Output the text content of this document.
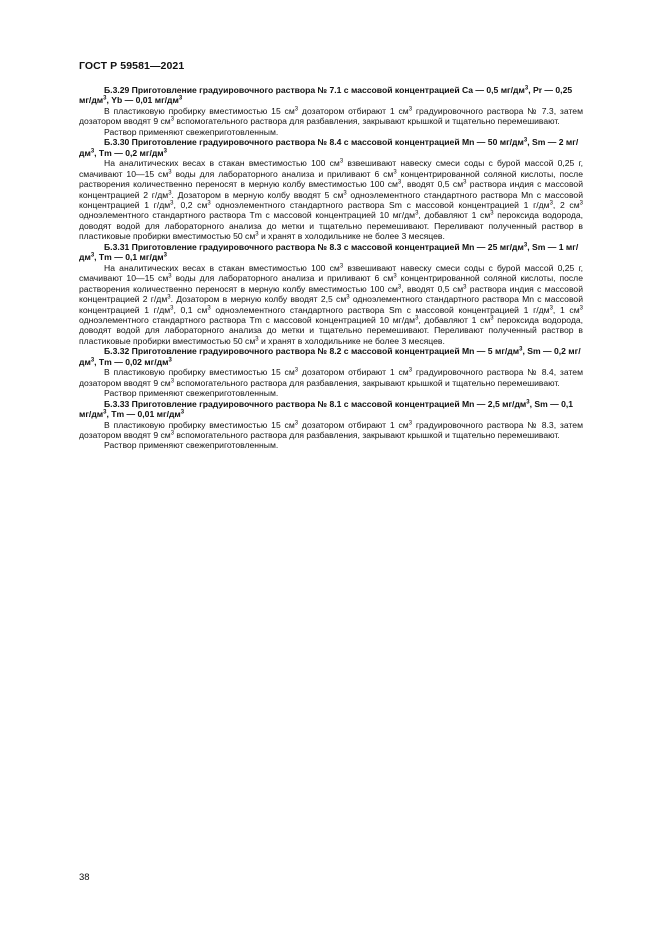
ГОСТ Р 59581—2021

Б.3.29 Приготовление градуировочного раствора № 7.1 с массовой концентрацией Ca — 0,5 $мг/дм^3$, Pr — 0,25 $мг/дм^3$, Yb — 0,01 $мг/дм^3$

В пластиковую пробирку вместимостью 15 $см^3$ дозатором отбирают 1 $см^3$ градуировочного раствора № 7.3, затем дозатором вводят 9 $см^3$ вспомогательного раствора для разбавления, закрывают крышкой и тщательно перемешивают.

Раствор применяют свежеприготовленным.

Б.3.30 Приготовление градуировочного раствора № 8.4 с массовой концентрацией Mn — 50 $мг/дм^3$, Sm — 2 $мг/дм^3$, Tm — 0,2 $мг/дм^3$

На аналитических весах в стакан вместимостью 100 $см^3$ взвешивают навеску смеси соды с бурой массой 0,25 г, смачивают 10—15 $см^3$ воды для лабораторного анализа и приливают 6 $см^3$ концентрированной соляной кислоты, после растворения количественно переносят в мерную колбу вместимостью 100 $см^3$, вводят 0,5 $см^3$ раствора индия с массовой концентрацией 2 $г/дм^3$. Дозатором в мерную колбу вводят 5 $см^3$ одноэлементного стандартного раствора Mn с массовой концентрацией 1 $г/дм^3$, 0,2 $см^3$ одноэлементного стандартного раствора Sm с массовой концентрацией 1 $г/дм^3$, 2 $см^3$ одноэлементного стандартного раствора Tm с массовой концентрацией 10 $мг/дм^3$, добавляют 1 $см^3$ пероксида водорода, доводят водой для лабораторного анализа до метки и тщательно перемешивают. Переливают полученный раствор в пластиковые пробирки вместимостью 50 $см^3$ и хранят в холодильнике не более 3 месяцев.

Б.3.31 Приготовление градуировочного раствора № 8.3 с массовой концентрацией Mn — 25 $мг/дм^3$, Sm — 1 $мг/дм^3$, Tm — 0,1 $мг/дм^3$

На аналитических весах в стакан вместимостью 100 $см^3$ взвешивают навеску смеси соды с бурой массой 0,25 г, смачивают 10—15 $см^3$ воды для лабораторного анализа и приливают 6 $см^3$ концентрированной соляной кислоты, после растворения количественно переносят в мерную колбу вместимостью 100 $см^3$, вводят 0,5 $см^3$ раствора индия с массовой концентрацией 2 $г/дм^3$. Дозатором в мерную колбу вводят 2,5 $см^3$ одноэлементного стандартного раствора Mn с массовой концентрацией 1 $г/дм^3$, 0,1 $см^3$ одноэлементного стандартного раствора Sm с массовой концентрацией 1 $г/дм^3$, 1 $см^3$ одноэлементного стандартного раствора Tm с массовой концентрацией 10 $мг/дм^3$, добавляют 1 $см^3$ пероксида водорода, доводят водой для лабораторного анализа до метки и тщательно перемешивают. Переливают полученный раствор в пластиковые пробирки вместимостью 50 $см^3$ и хранят в холодильнике не более 3 месяцев.

Б.3.32 Приготовление градуировочного раствора № 8.2 с массовой концентрацией Mn — 5 $мг/дм^3$, Sm — 0,2 $мг/дм^3$, Tm — 0,02 $мг/дм^3$

В пластиковую пробирку вместимостью 15 $см^3$ дозатором отбирают 1 $см^3$ градуировочного раствора № 8.4, затем дозатором вводят 9 $см^3$ вспомогательного раствора для разбавления, закрывают крышкой и тщательно перемешивают.

Раствор применяют свежеприготовленным.

Б.3.33 Приготовление градуировочного раствора № 8.1 с массовой концентрацией Mn — 2,5 $мг/дм^3$, Sm — 0,1 $мг/дм^3$, Tm — 0,01 $мг/дм^3$

В пластиковую пробирку вместимостью 15 $см^3$ дозатором отбирают 1 $см^3$ градуировочного раствора № 8.3, затем дозатором вводят 9 $см^3$ вспомогательного раствора для разбавления, закрывают крышкой и тщательно перемешивают.

Раствор применяют свежеприготовленным.

38
